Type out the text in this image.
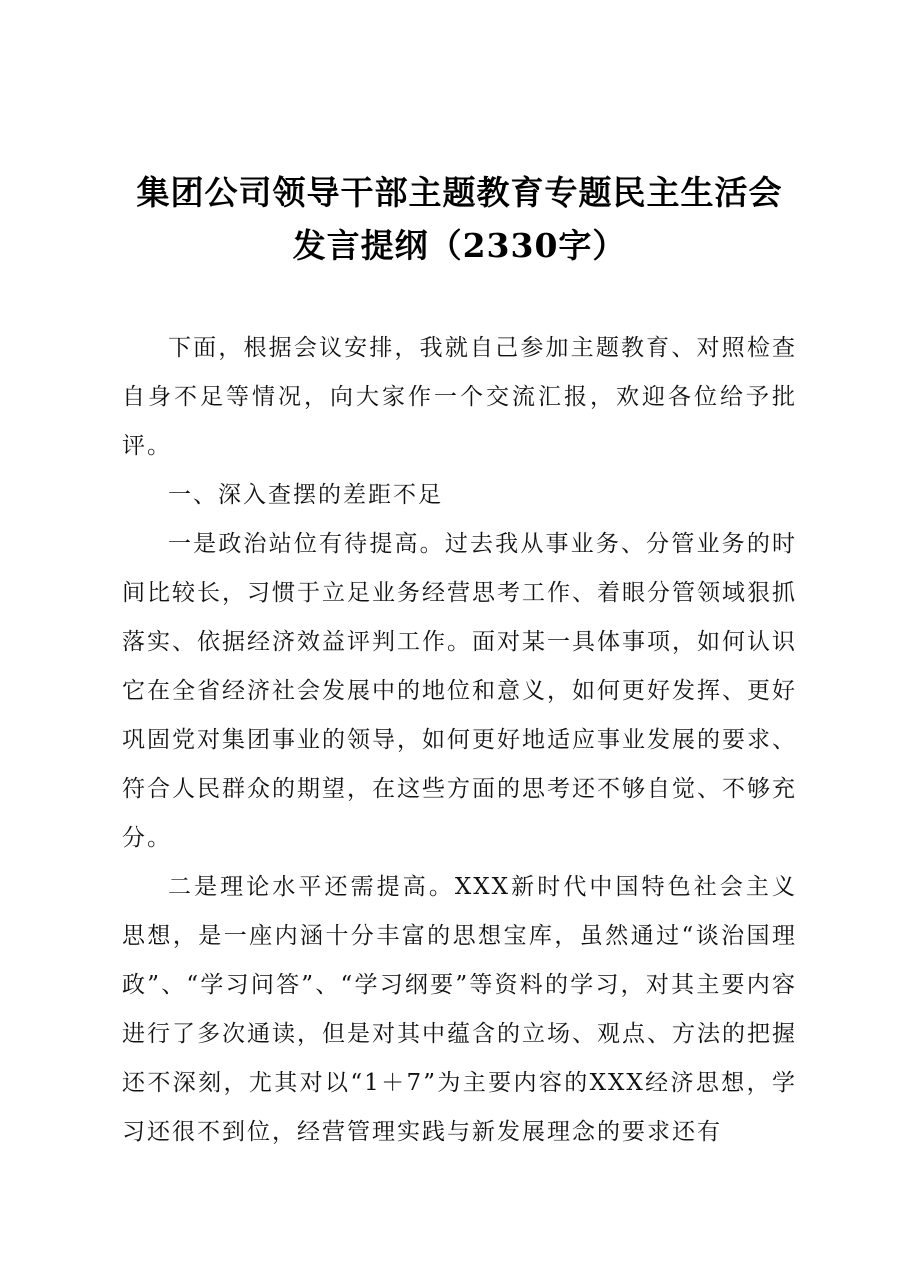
集团公司领导干部主题教育专题民主生活会发言提纲（2330字）

下面，根据会议安排，我就自己参加主题教育、对照检查自身不足等情况，向大家作一个交流汇报，欢迎各位给予批评。

一、深入查摆的差距不足

一是政治站位有待提高。过去我从事业务、分管业务的时间比较长，习惯于立足业务经营思考工作、着眼分管领域狠抓落实、依据经济效益评判工作。面对某一具体事项，如何认识它在全省经济社会发展中的地位和意义，如何更好发挥、更好巩固党对集团事业的领导，如何更好地适应事业发展的要求、符合人民群众的期望，在这些方面的思考还不够自觉、不够充分。

二是理论水平还需提高。XXX新时代中国特色社会主义思想，是一座内涵十分丰富的思想宝库，虽然通过“谈治国理政”、“学习问答”、“学习纲要”等资料的学习，对其主要内容进行了多次通读，但是对其中蕴含的立场、观点、方法的把握还不深刻，尤其对以“1＋7”为主要内容的XXX经济思想，学习还很不到位，经营管理实践与新发展理念的要求还有
